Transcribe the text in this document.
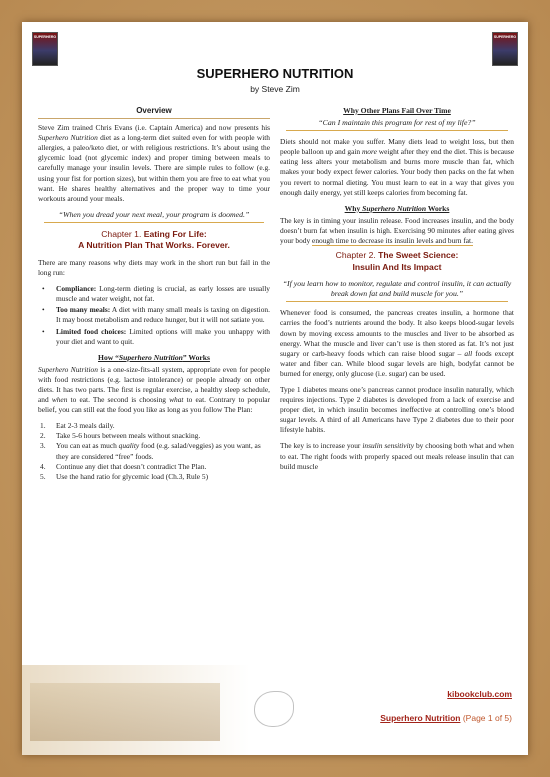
SUPERHERO	SUPERHERO
SUPERHERO NUTRITION
by Steve Zim
Overview

Steve Zim trained Chris Evans (i.e. Captain America) and now presents his Superhero Nutrition diet as a long-term diet suited even for with people with allergies, a paleo/keto diet, or with religious restrictions. It’s about using the glycemic load (not glycemic index) and proper timing between meals to carefully manage your insulin levels. There are simple rules to follow (e.g. using your fist for portion sizes), but within them you are free to eat what you want. He shares healthy alternatives and the proper way to time your workouts around your meals.

“When you dread your next meal, your program is doomed.”
Chapter 1. Eating For Life:
A Nutrition Plan That Works. Forever.

There are many reasons why diets may work in the short run but fail in the long run:

• Compliance: Long-term dieting is crucial, as early losses are usually muscle and water weight, not fat.
• Too many meals: A diet with many small meals is taxing on digestion. It may boost metabolism and reduce hunger, but it will not satiate you.
• Limited food choices: Limited options will make you unhappy with your diet and want to quit.
How “Superhero Nutrition” Works

Superhero Nutrition is a one-size-fits-all system, appropriate even for people with food restrictions (e.g. lactose intolerance) or people already on other diets. It has two parts. The first is regular exercise, a healthy sleep schedule, and when to eat. The second is choosing what to eat. Contrary to popular belief, you can still eat the food you like as long as you follow The Plan:

1. Eat 2-3 meals daily.
2. Take 5-6 hours between meals without snacking.
3. You can eat as much quality food (e.g. salad/veggies) as you want, as they are considered “free” foods.
4. Continue any diet that doesn’t contradict The Plan.
5. Use the hand ratio for glycemic load (Ch.3, Rule 5)
Why Other Plans Fail Over Time
“Can I maintain this program for rest of my life?”

Diets should not make you suffer. Many diets lead to weight loss, but then people balloon up and gain more weight after they end the diet. This is because eating less alters your metabolism and burns more muscle than fat, which makes your body expect fewer calories. Your body then packs on the fat when you revert to normal dieting. You must learn to eat in a way that gives you enough daily energy, yet still keeps calories from becoming fat.

Why Superhero Nutrition Works

The key is in timing your insulin release. Food increases insulin, and the body doesn’t burn fat when insulin is high. Exercising 90 minutes after eating gives your body enough time to decrease its insulin levels and burn fat.

Chapter 2. The Sweet Science:
Insulin And Its Impact
“If you learn how to monitor, regulate and control insulin, it can actually break down fat and build muscle for you.”

Whenever food is consumed, the pancreas creates insulin, a hormone that carries the food’s nutrients around the body. It also keeps blood-sugar levels down by moving excess amounts to the muscles and liver to be absorbed as energy. What the muscle and liver can’t use is then stored as fat. It’s not just sugary or carb-heavy foods which can raise blood sugar – all foods except water and fiber can. While blood sugar levels are high, bodyfat cannot be burned for energy, only glucose (i.e. sugar) can be used.

Type 1 diabetes means one’s pancreas cannot produce insulin naturally, which requires injections. Type 2 diabetes is developed from a lack of exercise and proper diet, in which insulin becomes ineffective at controlling one’s blood sugar levels. A third of all Americans have Type 2 diabetes due to their poor lifestyle habits.

The key is to increase your insulin sensitivity by choosing both what and when to eat. The right foods with properly spaced out meals release insulin that can build muscle

kibookclub.com
Superhero Nutrition (Page 1 of 5)
